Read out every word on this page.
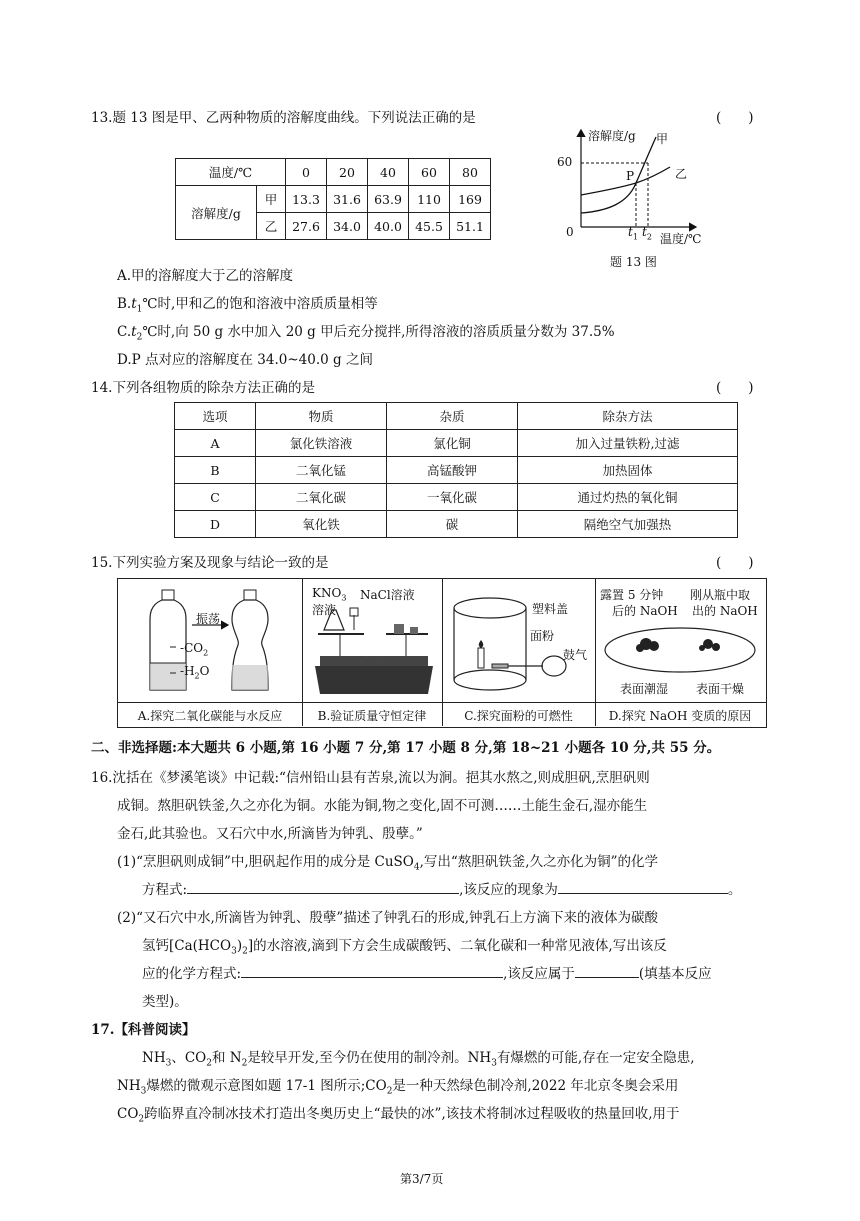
13.题 13 图是甲、乙两种物质的溶解度曲线。下列说法正确的是	(　　)
温度/℃		0	20	40	60	80
溶解度/g	甲	13.3	31.6	63.9	110	169
	乙	27.6	34.0	40.0	45.5	51.1
溶解度/g
60
0
P
甲
乙
$t_1$ $t_2$ 温度/℃
题 13 图
A.甲的溶解度大于乙的溶解度
$B.t_1℃$时,甲和乙的饱和溶液中溶质质量相等
$C.t_2℃$时,向 50 g 水中加入 20 g 甲后充分搅拌,所得溶液的溶质质量分数为 37.5%
D.P 点对应的溶解度在 34.0~40.0 g 之间
14.下列各组物质的除杂方法正确的是	(　　)
选项	物质	杂质	除杂方法
A	氯化铁溶液	氯化铜	加入过量铁粉,过滤
B	二氧化锰	高锰酸钾	加热固体
C	二氧化碳	一氧化碳	通过灼热的氧化铜
D	氧化铁	碳	隔绝空气加强热
15.下列实验方案及现象与结论一致的是	(　　)
振荡
$-CO_2$
$-H_2O$
A.探究二氧化碳能与水反应
$KNO_3$
溶液
NaCl溶液
B.验证质量守恒定律
塑料盖
面粉
鼓气
C.探究面粉的可燃性
露置 5 分钟
后的 NaOH
刚从瓶中取
出的 NaOH
表面潮湿 表面干燥
D.探究 NaOH 变质的原因
二、非选择题:本大题共 6 小题,第 16 小题 7 分,第 17 小题 8 分,第 18~21 小题各 10 分,共 55 分。
16.沈括在《梦溪笔谈》中记载:“信州铅山县有苦泉,流以为涧。挹其水熬之,则成胆矾,烹胆矾则
成铜。熬胆矾铁釜,久之亦化为铜。水能为铜,物之变化,固不可测……土能生金石,湿亦能生
金石,此其验也。又石穴中水,所滴皆为钟乳、殷孽。”
(1)“烹胆矾则成铜”中,胆矾起作用的成分是 CuSO$_4$,写出“熬胆矾铁釜,久之亦化为铜”的化学
方程式:	,该反应的现象为	。
(2)“又石穴中水,所滴皆为钟乳、殷孽”描述了钟乳石的形成,钟乳石上方滴下来的液体为碳酸
氢钙$[Ca(HCO_3)_2]$的水溶液,滴到下方会生成碳酸钙、二氧化碳和一种常见液体,写出该反
应的化学方程式:	,该反应属于	(填基本反应
类型)。
17.【科普阅读】
$NH_3$、$CO_2$和 $N_2$是较早开发,至今仍在使用的制冷剂。$NH_3$有爆燃的可能,存在一定安全隐患,
$NH_3$爆燃的微观示意图如题 17-1 图所示$;CO_2$是一种天然绿色制冷剂,2022 年北京冬奥会采用
$CO_2$跨临界直冷制冰技术打造出冬奥历史上“最快的冰”,该技术将制冰过程吸收的热量回收,用于
第3/7页
